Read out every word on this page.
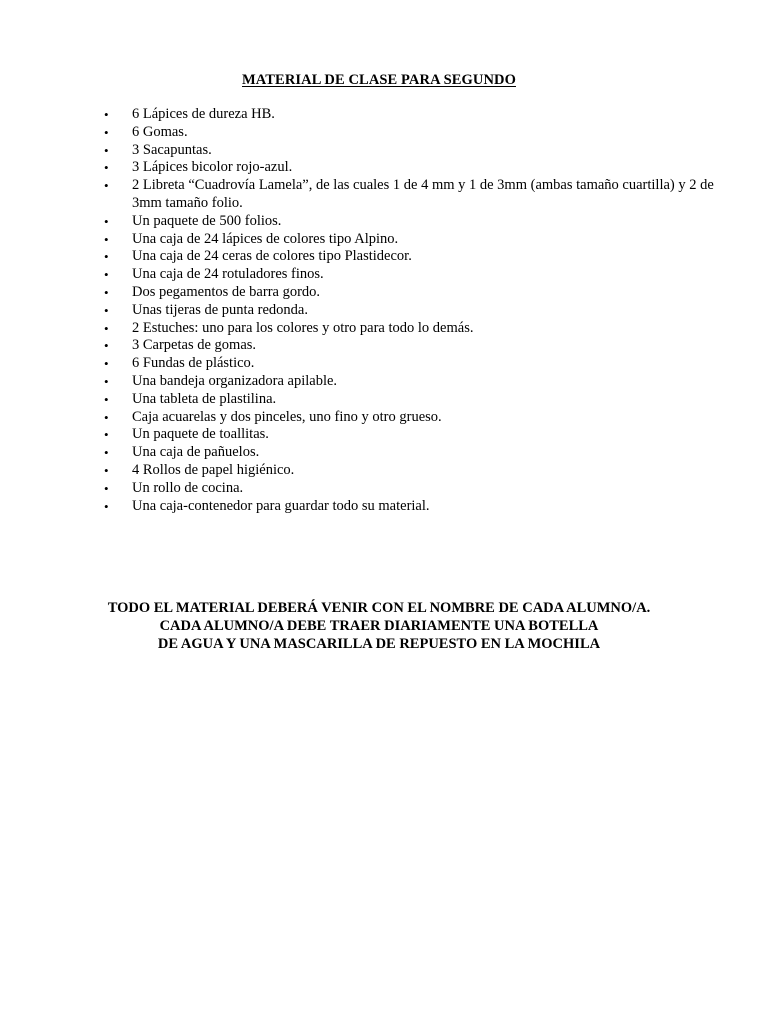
MATERIAL DE CLASE PARA SEGUNDO
• 6 Lápices de dureza HB.
• 6 Gomas.
• 3 Sacapuntas.
• 3 Lápices bicolor rojo-azul.
• 2 Libreta “Cuadrovía Lamela”, de las cuales 1 de 4 mm y 1 de 3mm (ambas tamaño cuartilla) y 2 de 3mm tamaño folio.
• Un paquete de 500 folios.
• Una caja de 24 lápices de colores tipo Alpino.
• Una caja de 24 ceras de colores tipo Plastidecor.
• Una caja de 24 rotuladores finos.
• Dos pegamentos de barra gordo.
• Unas tijeras de punta redonda.
• 2 Estuches: uno para los colores y otro para todo lo demás.
• 3 Carpetas de gomas.
• 6 Fundas de plástico.
• Una bandeja organizadora apilable.
• Una tableta de plastilina.
• Caja acuarelas y dos pinceles, uno fino y otro grueso.
• Un paquete de toallitas.
• Una caja de pañuelos.
• 4 Rollos de papel higiénico.
• Un rollo de cocina.
• Una caja-contenedor para guardar todo su material.
TODO EL MATERIAL DEBERÁ VENIR CON EL NOMBRE DE CADA ALUMNO/A.
CADA ALUMNO/A DEBE TRAER DIARIAMENTE UNA BOTELLA
DE AGUA Y UNA MASCARILLA DE REPUESTO EN LA MOCHILA
